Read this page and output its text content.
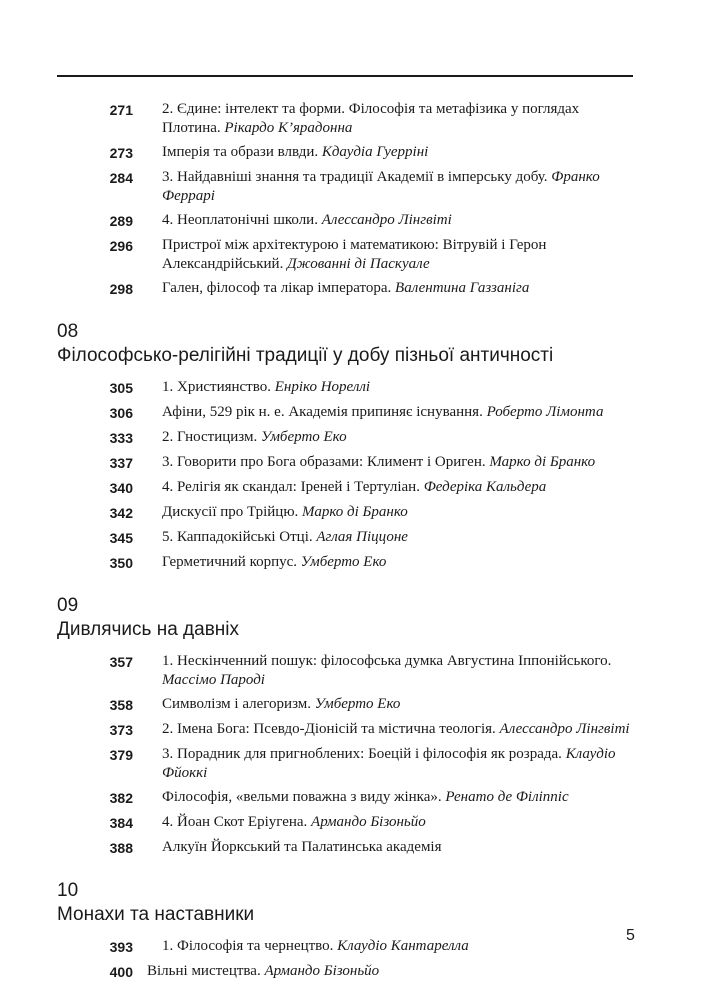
271	2. Єдине: інтелект та форми. Філософія та метафізика у поглядах Плотина. Рікардо К’ярадонна
273	Імперія та образи влвди. Кдаудіа Гуеррінi
284	3. Найдавніші знання та традиції Академії в імперську добу. Франко Феррарі
289	4. Неоплатонічні школи. Алессандро Лінгвіті
296	Пристрої між архітектурою і математикою: Вітрувій і Герон Александрійський. Джованні ді Паскуале
298	Гален, філософ та лікар імператора. Валентина Газзаніга
08
Філософсько-релігійні традиції у добу пізньої античності
305	1. Християнство. Енріко Нореллі
306	Афіни, 529 рік н. е. Академія припиняє існування. Роберто Лімонта
333	2. Гностицизм. Умберто Еко
337	3. Говорити про Бога образами: Климент і Ориген. Марко ді Бранко
340	4. Релігія як скандал: Іреней і Тертуліан. Федеріка Кальдера
342	Дискусії про Трійцю. Марко ді Бранко
345	5. Каппадокійські Отці. Аглая Піццоне
350	Герметичний корпус. Умберто Еко
09
Дивлячись на давніх
357	1. Нескінченний пошук: філософська думка Августина Іппонійського. Массімо Пароді
358	Символізм і алегоризм. Умберто Еко
373	2. Імена Бога: Псевдо-Діонісій та містична теологія. Алессандро Лінгвіті
379	3. Порадник для пригноблених: Боецій і філософія як розрада. Клаудіо Фйоккі
382	Філософія, «вельми поважна з виду жінка». Ренато де Філіппіс
384	4. Йоан Скот Еріугена. Армандо Бізоньйо
388	Алкуїн Йоркський та Палатинська академія
10
Монахи та наставники
393	1. Філософія та чернецтво. Клаудіо Кантарелла
400 Вільні мистецтва. Армандо Бізоньйо
5
